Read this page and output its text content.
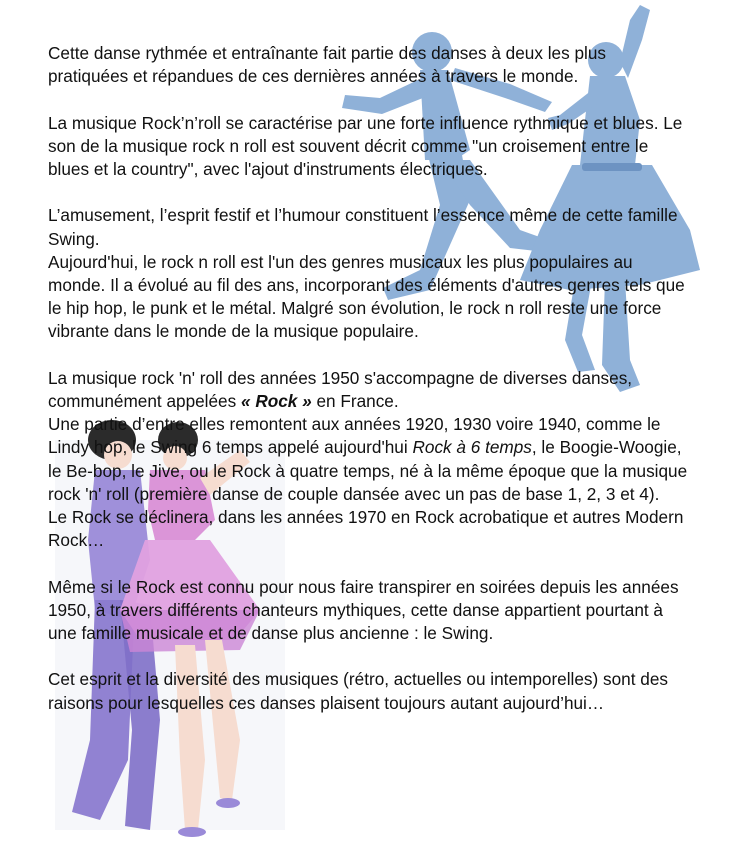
Cette danse rythmée et entraînante fait partie des danses à deux les plus pratiquées et répandues de ces dernières années à travers le monde.

La musique Rock’n’roll se caractérise par une forte influence rythmique et blues. Le son de la musique rock n roll est souvent décrit comme "un croisement entre le blues et la country", avec l'ajout d'instruments électriques.

L’amusement, l’esprit festif et l’humour constituent l’essence même de cette famille Swing.

Aujourd'hui, le rock n roll est l'un des genres musicaux les plus populaires au monde. Il a évolué au fil des ans, incorporant des éléments d'autres genres tels que le hip hop, le punk et le métal. Malgré son évolution, le rock n roll reste une force vibrante dans le monde de la musique populaire.

La musique rock 'n' roll des années 1950 s'accompagne de diverses danses, communément appelées « Rock » en France.

Une partie d’entre elles remontent aux années 1920, 1930 voire 1940, comme le Lindy hop, le Swing 6 temps appelé aujourd'hui Rock à 6 temps, le Boogie-Woogie, le Be-bop, le Jive, ou le Rock à quatre temps, né à la même époque que la musique rock 'n' roll (première danse de couple dansée avec un pas de base 1, 2, 3 et 4).

Le Rock se déclinera, dans les années 1970 en Rock acrobatique et autres Modern Rock…

Même si le Rock est connu pour nous faire transpirer en soirées depuis les années 1950, à travers différents chanteurs mythiques, cette danse appartient pourtant à une famille musicale et de danse plus ancienne : le Swing.

Cet esprit et la diversité des musiques (rétro, actuelles ou intemporelles) sont des raisons pour lesquelles ces danses plaisent toujours autant aujourd’hui…
